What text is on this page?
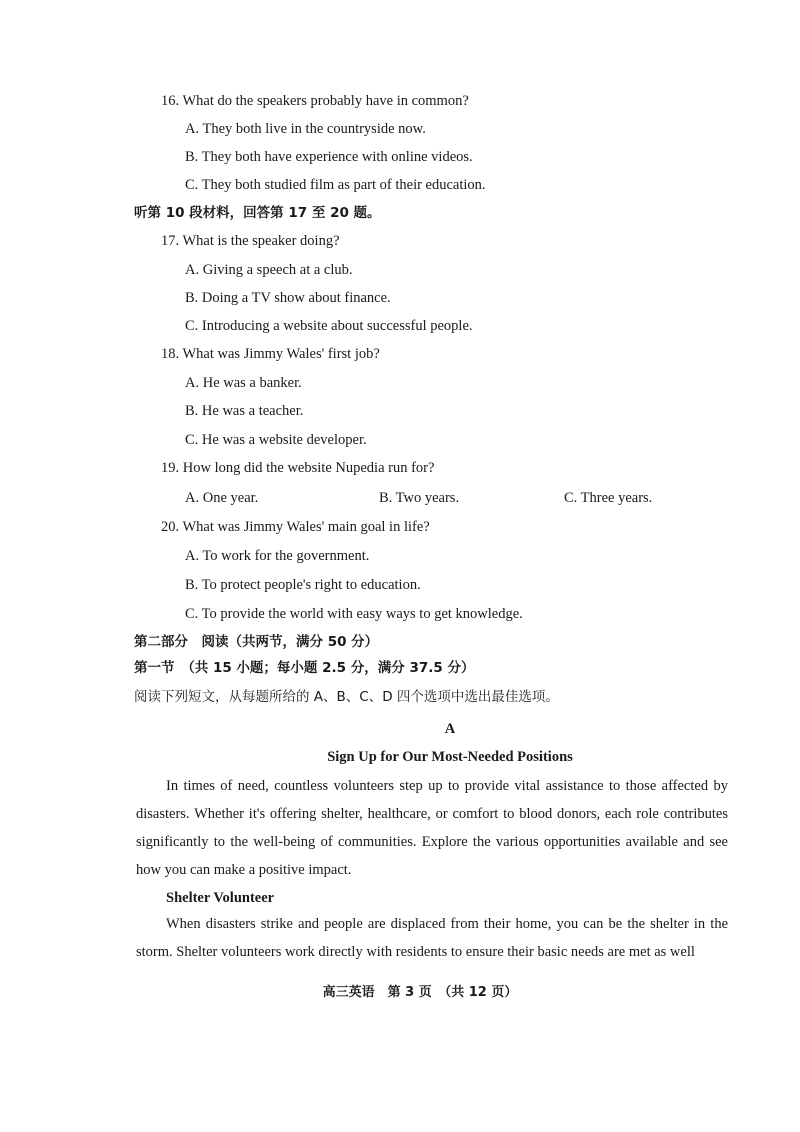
16. What do the speakers probably have in common?
A. They both live in the countryside now.
B. They both have experience with online videos.
C. They both studied film as part of their education.
听第 10 段材料，回答第 17 至 20 题。
17. What is the speaker doing?
A. Giving a speech at a club.
B. Doing a TV show about finance.
C. Introducing a website about successful people.
18. What was Jimmy Wales' first job?
A. He was a banker.
B. He was a teacher.
C. He was a website developer.
19. How long did the website Nupedia run for?
A. One year.	B. Two years.	C. Three years.
20. What was Jimmy Wales' main goal in life?
A. To work for the government.
B. To protect people's right to education.
C. To provide the world with easy ways to get knowledge.
第二部分　阅读（共两节，满分 50 分）
第一节　（共 15 小题；每小题 2.5 分，满分 37.5 分）
阅读下列短文，从每题所给的 A、B、C、D 四个选项中选出最佳选项。
A
Sign Up for Our Most-Needed Positions
In times of need, countless volunteers step up to provide vital assistance to those affected by disasters. Whether it's offering shelter, healthcare, or comfort to blood donors, each role contributes significantly to the well-being of communities. Explore the various opportunities available and see how you can make a positive impact.
Shelter Volunteer
When disasters strike and people are displaced from their home, you can be the shelter in the storm. Shelter volunteers work directly with residents to ensure their basic needs are met as well
高三英语　第 3 页　（共 12 页）
